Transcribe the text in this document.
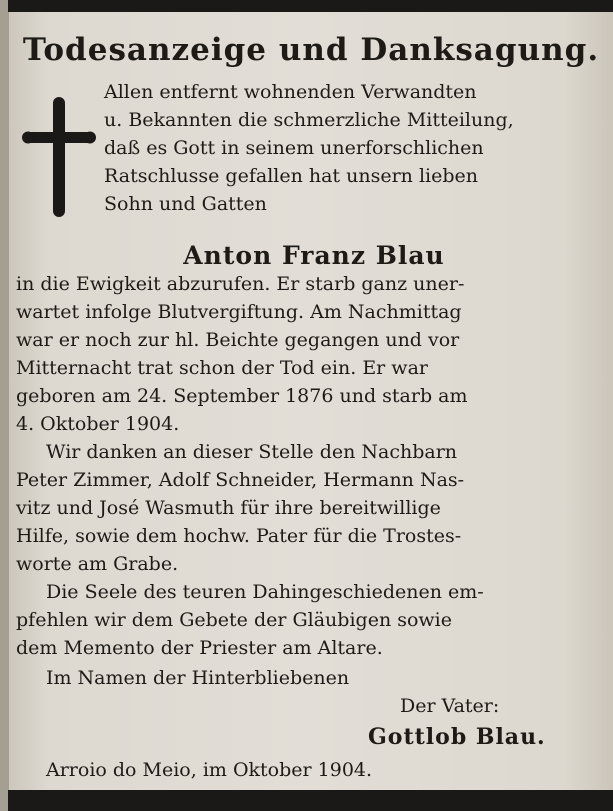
Todesanzeige und Danksagung.
Allen entfernt wohnenden Verwandten
u. Bekannten die schmerzliche Mitteilung,
daß es Gott in seinem unerforschlichen
Ratschlusse gefallen hat unsern lieben
Sohn und Gatten
Anton Franz Blau
in die Ewigkeit abzurufen. Er starb ganz uner-
wartet infolge Blutvergiftung. Am Nachmittag
war er noch zur hl. Beichte gegangen und vor
Mitternacht trat schon der Tod ein. Er war
geboren am 24. September 1876 und starb am
4. Oktober 1904.
Wir danken an dieser Stelle den Nachbarn
Peter Zimmer, Adolf Schneider, Hermann Nas-
vitz und José Wasmuth für ihre bereitwillige
Hilfe, sowie dem hochw. Pater für die Trostes-
worte am Grabe.
Die Seele des teuren Dahingeschiedenen em-
pfehlen wir dem Gebete der Gläubigen sowie
dem Memento der Priester am Altare.
Im Namen der Hinterbliebenen
Der Vater:
Gottlob Blau.
Arroio do Meio, im Oktober 1904.
